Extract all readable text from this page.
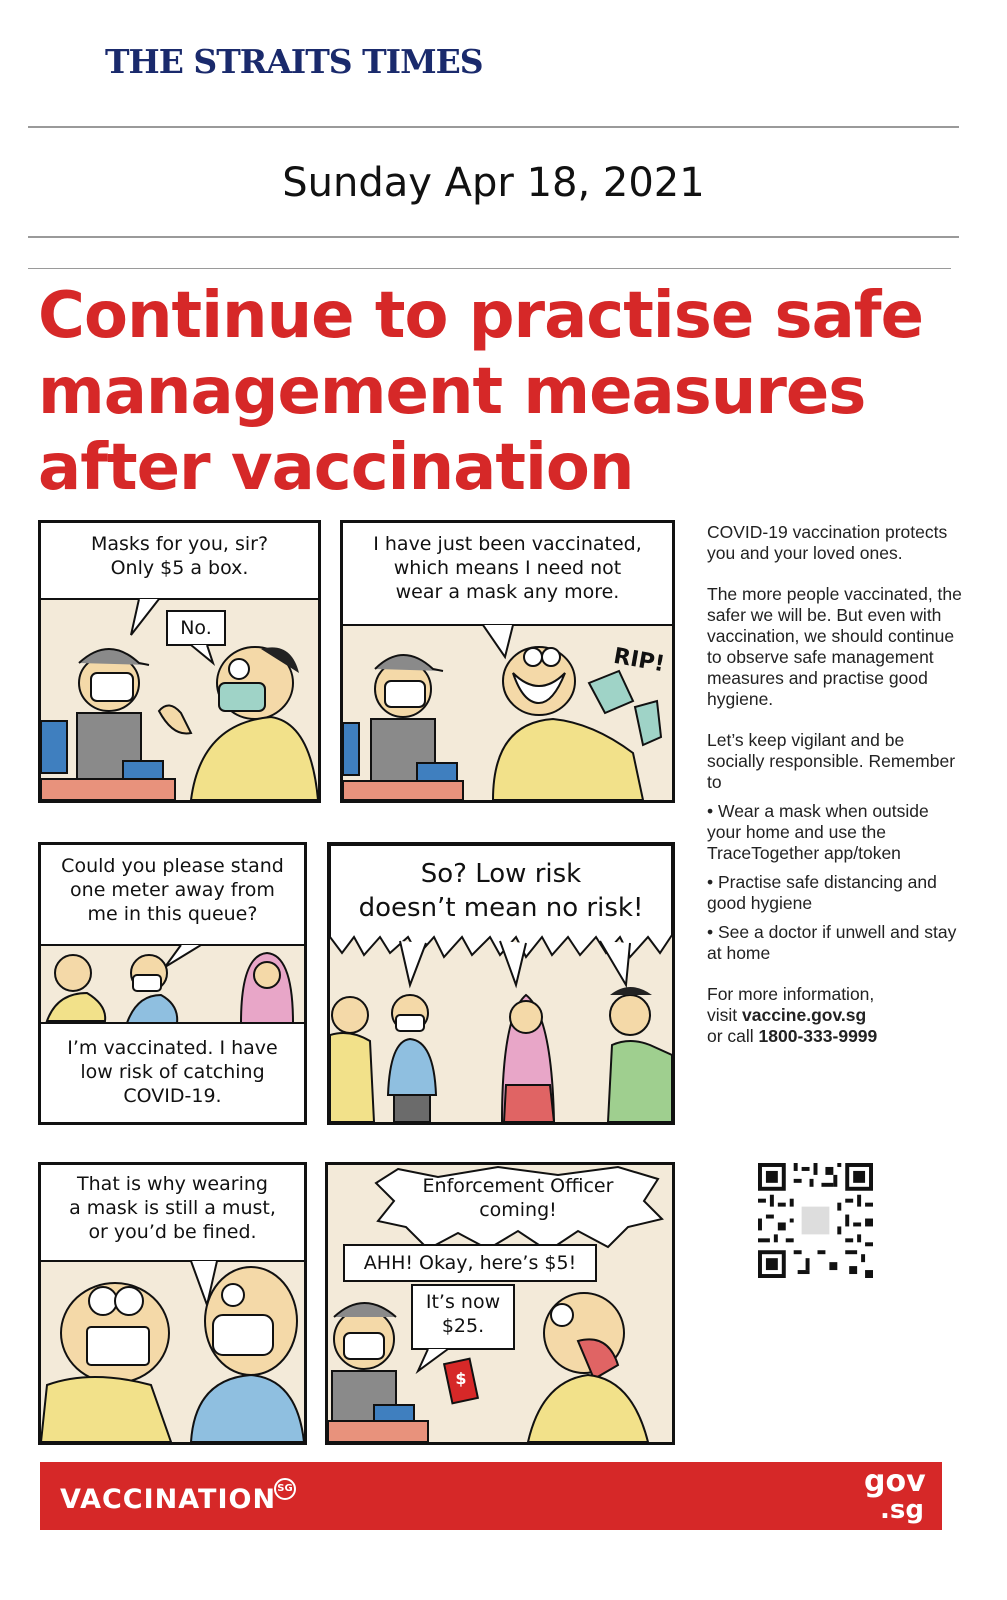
THE STRAITS TIMES
Sunday Apr 18, 2021
Continue to practise safe
management measures
after vaccination
Masks for you, sir?
Only $5 a box.
No.
I have just been vaccinated,
which means I need not
wear a mask any more.
RIP!
Could you please stand
one meter away from
me in this queue?
I’m vaccinated. I have
low risk of catching
COVID-19.
So? Low risk
doesn’t mean no risk!
That is why wearing
a mask is still a must,
or you’d be fined.
Enforcement Officer
coming!
AHH! Okay, here’s $5!
It’s now
$25.
$

COVID-19 vaccination protects you and your loved ones.

The more people vaccinated, the safer we will be. But even with vaccination, we should continue to observe safe management measures and practise good hygiene.

Let’s keep vigilant and be socially responsible. Remember to

• Wear a mask when outside your home and use the TraceTogether app/token
• Practise safe distancing and good hygiene
• See a doctor if unwell and stay at home
For more information,
visit vaccine.gov.sg
or call 1800-333-9999
VACCINATION SG	gov
.sg
